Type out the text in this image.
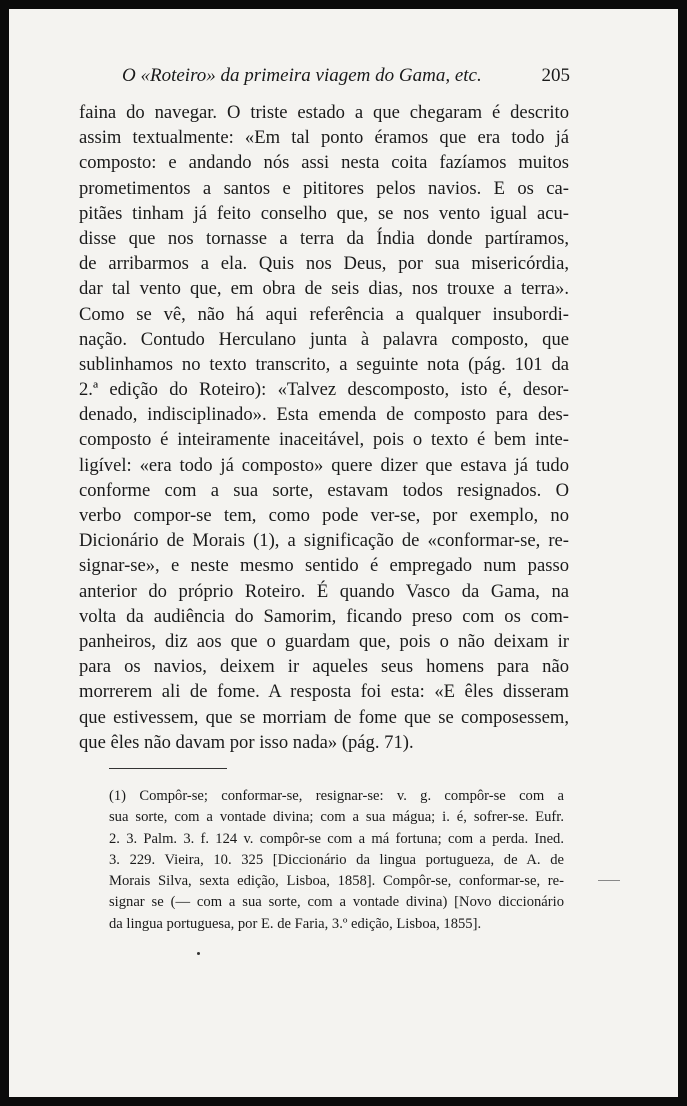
O «Roteiro» da primeira viagem do Gama, etc.	205
faina do navegar. O triste estado a que chegaram é descrito
assim textualmente: «Em tal ponto éramos que era todo já
composto: e andando nós assi nesta coita fazíamos muitos
prometimentos a santos e pititores pelos navios. E os ca-
pitães tinham já feito conselho que, se nos vento igual acu-
disse que nos tornasse a terra da Índia donde partíramos,
de arribarmos a ela. Quis nos Deus, por sua misericórdia,
dar tal vento que, em obra de seis dias, nos trouxe a terra».
Como se vê, não há aqui referência a qualquer insubordi-
nação. Contudo Herculano junta à palavra composto, que
sublinhamos no texto transcrito, a seguinte nota (pág. 101 da
2.ª edição do Roteiro): «Talvez descomposto, isto é, desor-
denado, indisciplinado». Esta emenda de composto para des-
composto é inteiramente inaceitável, pois o texto é bem inte-
ligível: «era todo já composto» quere dizer que estava já tudo
conforme com a sua sorte, estavam todos resignados. O
verbo compor-se tem, como pode ver-se, por exemplo, no
Dicionário de Morais (1), a significação de «conformar-se, re-
signar-se», e neste mesmo sentido é empregado num passo
anterior do próprio Roteiro. É quando Vasco da Gama, na
volta da audiência do Samorim, ficando preso com os com-
panheiros, diz aos que o guardam que, pois o não deixam ir
para os navios, deixem ir aqueles seus homens para não
morrerem ali de fome. A resposta foi esta: «E êles disseram
que estivessem, que se morriam de fome que se composessem,
que êles não davam por isso nada» (pág. 71).
(1) Compôr-se; conformar-se, resignar-se: v. g. compôr-se com a
sua sorte, com a vontade divina; com a sua mágua; i. é, sofrer-se. Eufr.
2. 3. Palm. 3. f. 124 v. compôr-se com a má fortuna; com a perda. Ined.
3. 229. Vieira, 10. 325 [Diccionário da lingua portugueza, de A. de
Morais Silva, sexta edição, Lisboa, 1858]. Compôr-se, conformar-se, re-
signar se (— com a sua sorte, com a vontade divina) [Novo diccionário
da lingua portuguesa, por E. de Faria, 3.º edição, Lisboa, 1855].
